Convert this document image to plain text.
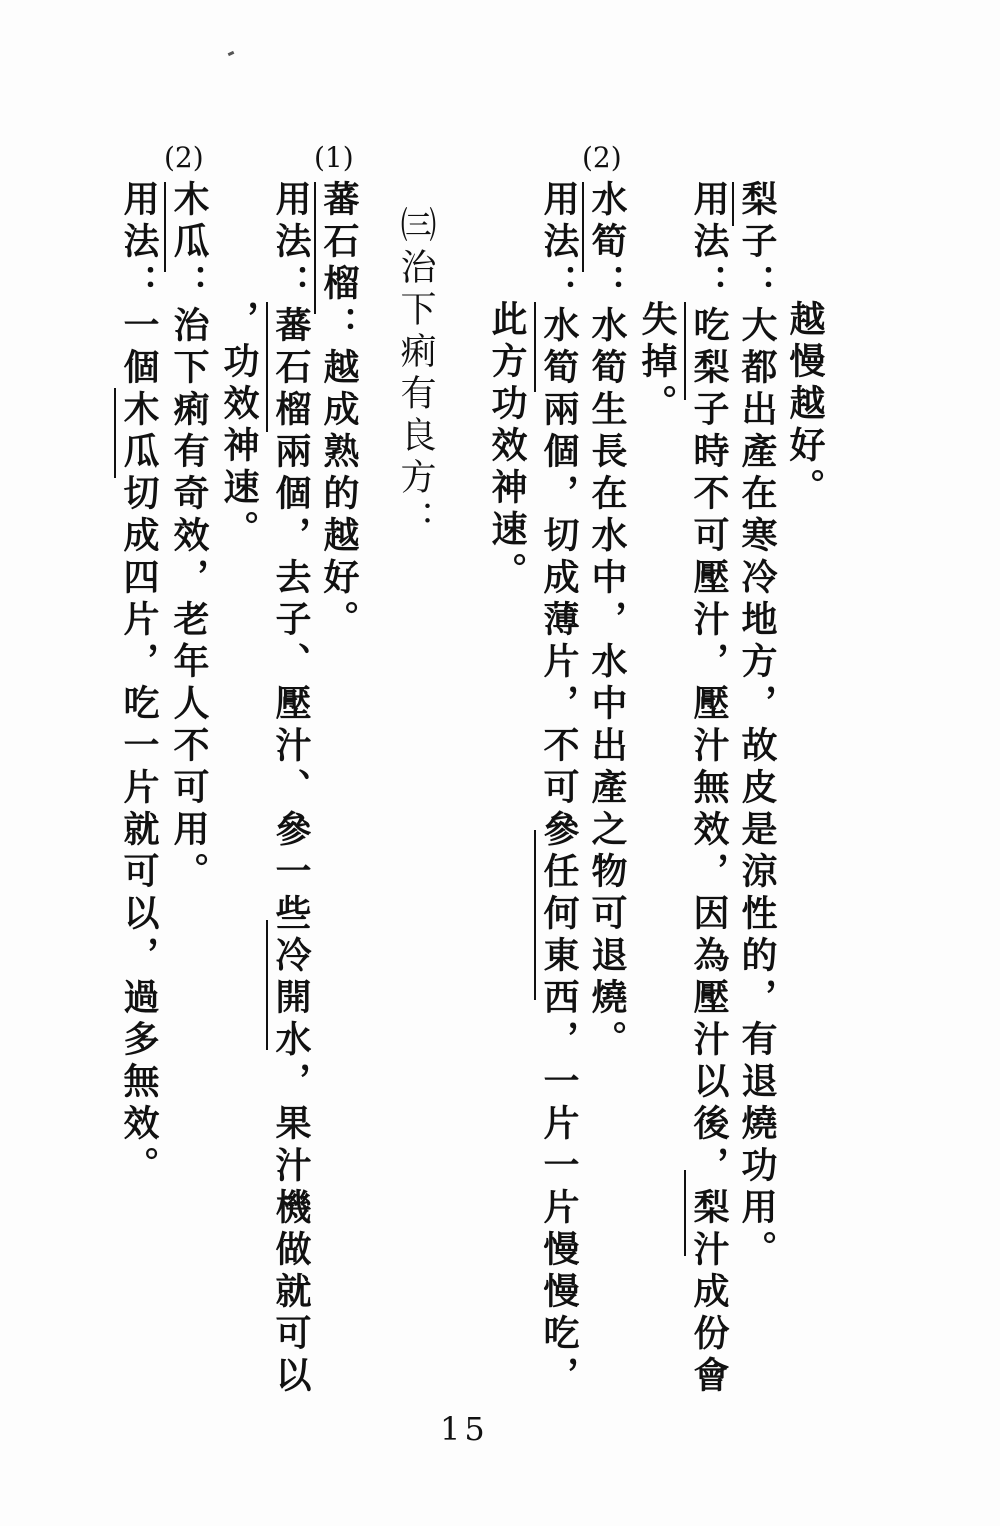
越慢越好。
梨子：大都出產在寒冷地方，故皮是涼性的，有退燒功用。
用法：吃梨子時不可壓汁，壓汁無效，因為壓汁以後，梨汁成份會
失掉。
(2)
水筍：水筍生長在水中，水中出產之物可退燒。
用法：水筍兩個，切成薄片，不可參任何東西，一片一片慢慢吃，
此方功效神速。
㈢治下痢有良方：
(1)
蕃石榴：越成熟的越好。
用法：蕃石榴兩個，去子、壓汁、參一些冷開水，果汁機做就可以
，功效神速。
(2)
木瓜：治下痢有奇效，老年人不可用。
用法：一個木瓜切成四片，吃一片就可以，過多無效。
15
